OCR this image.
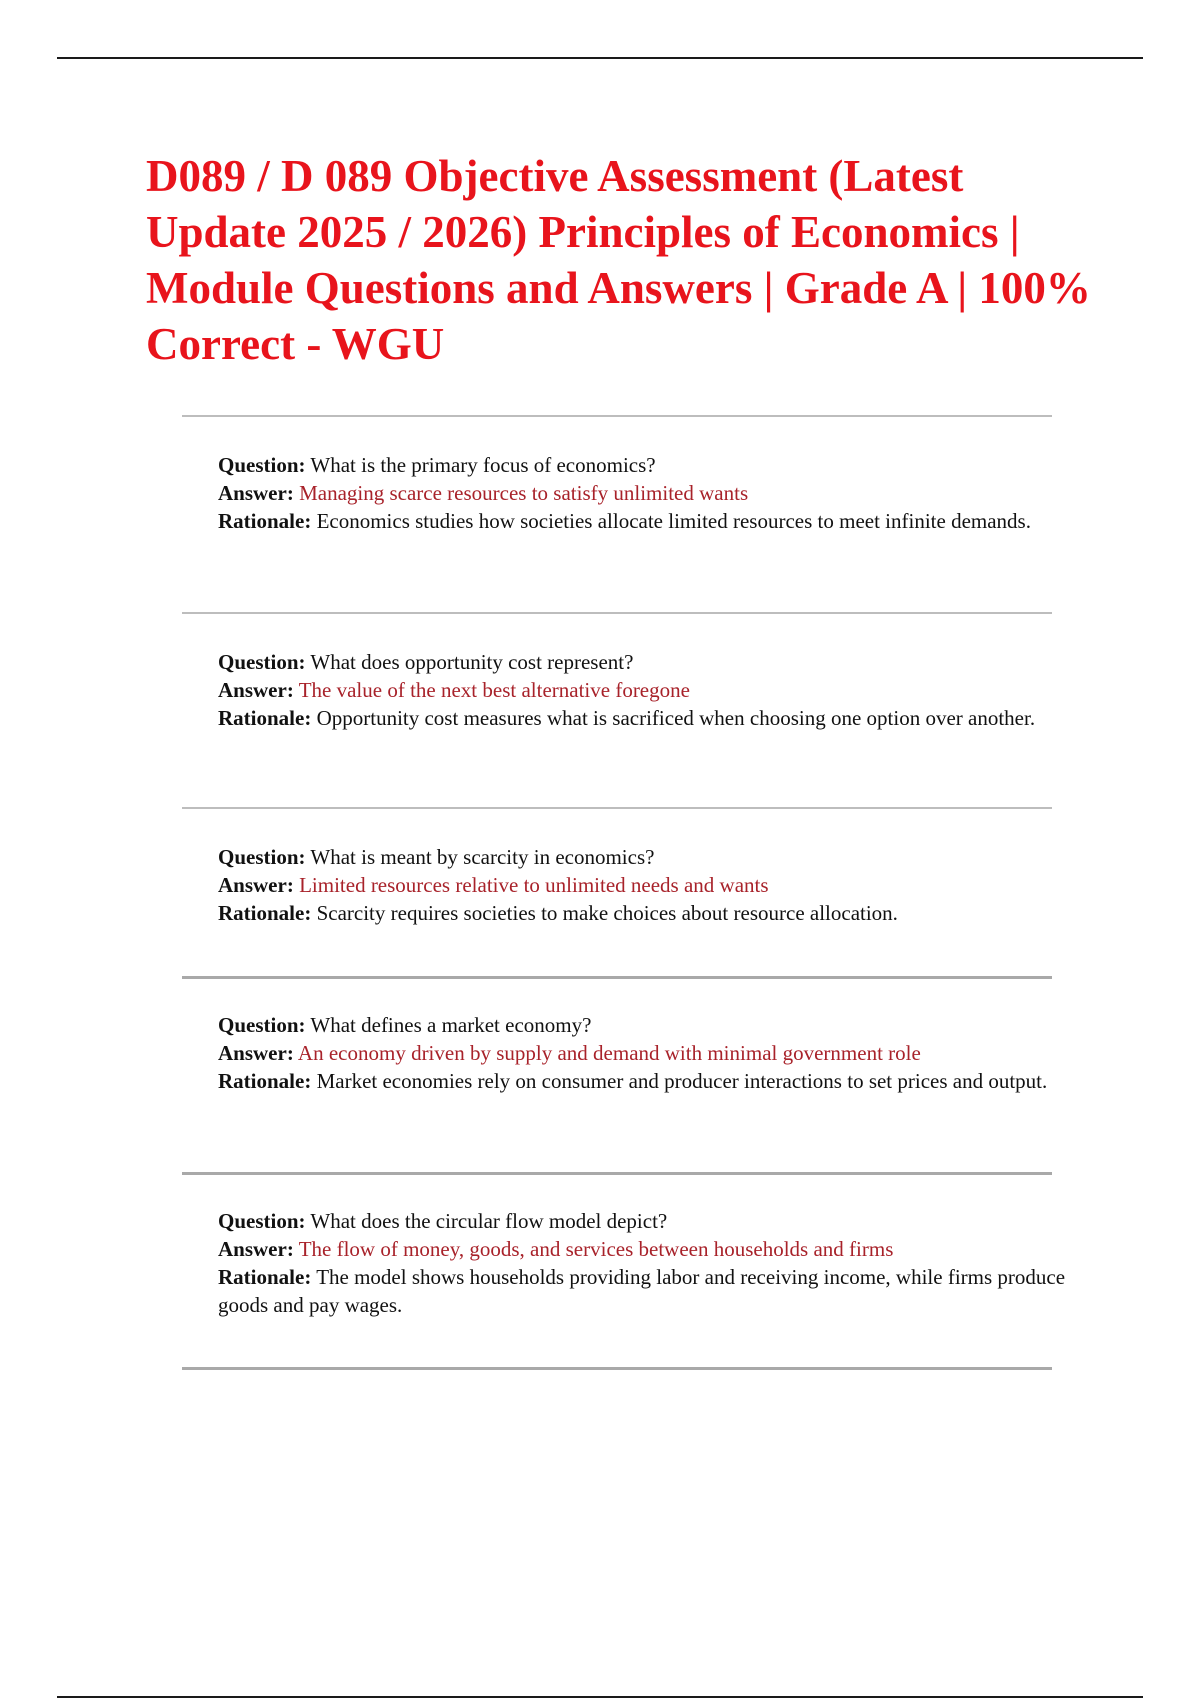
D089 / D 089 Objective Assessment (Latest Update 2025 / 2026) Principles of Economics | Module Questions and Answers | Grade A | 100% Correct - WGU

Question: What is the primary focus of economics?

Answer: Managing scarce resources to satisfy unlimited wants

Rationale: Economics studies how societies allocate limited resources to meet infinite demands.

Question: What does opportunity cost represent?

Answer: The value of the next best alternative foregone

Rationale: Opportunity cost measures what is sacrificed when choosing one option over another.

Question: What is meant by scarcity in economics?

Answer: Limited resources relative to unlimited needs and wants

Rationale: Scarcity requires societies to make choices about resource allocation.

Question: What defines a market economy?

Answer: An economy driven by supply and demand with minimal government role

Rationale: Market economies rely on consumer and producer interactions to set prices and output.

Question: What does the circular flow model depict?

Answer: The flow of money, goods, and services between households and firms

Rationale: The model shows households providing labor and receiving income, while firms produce goods and pay wages.
